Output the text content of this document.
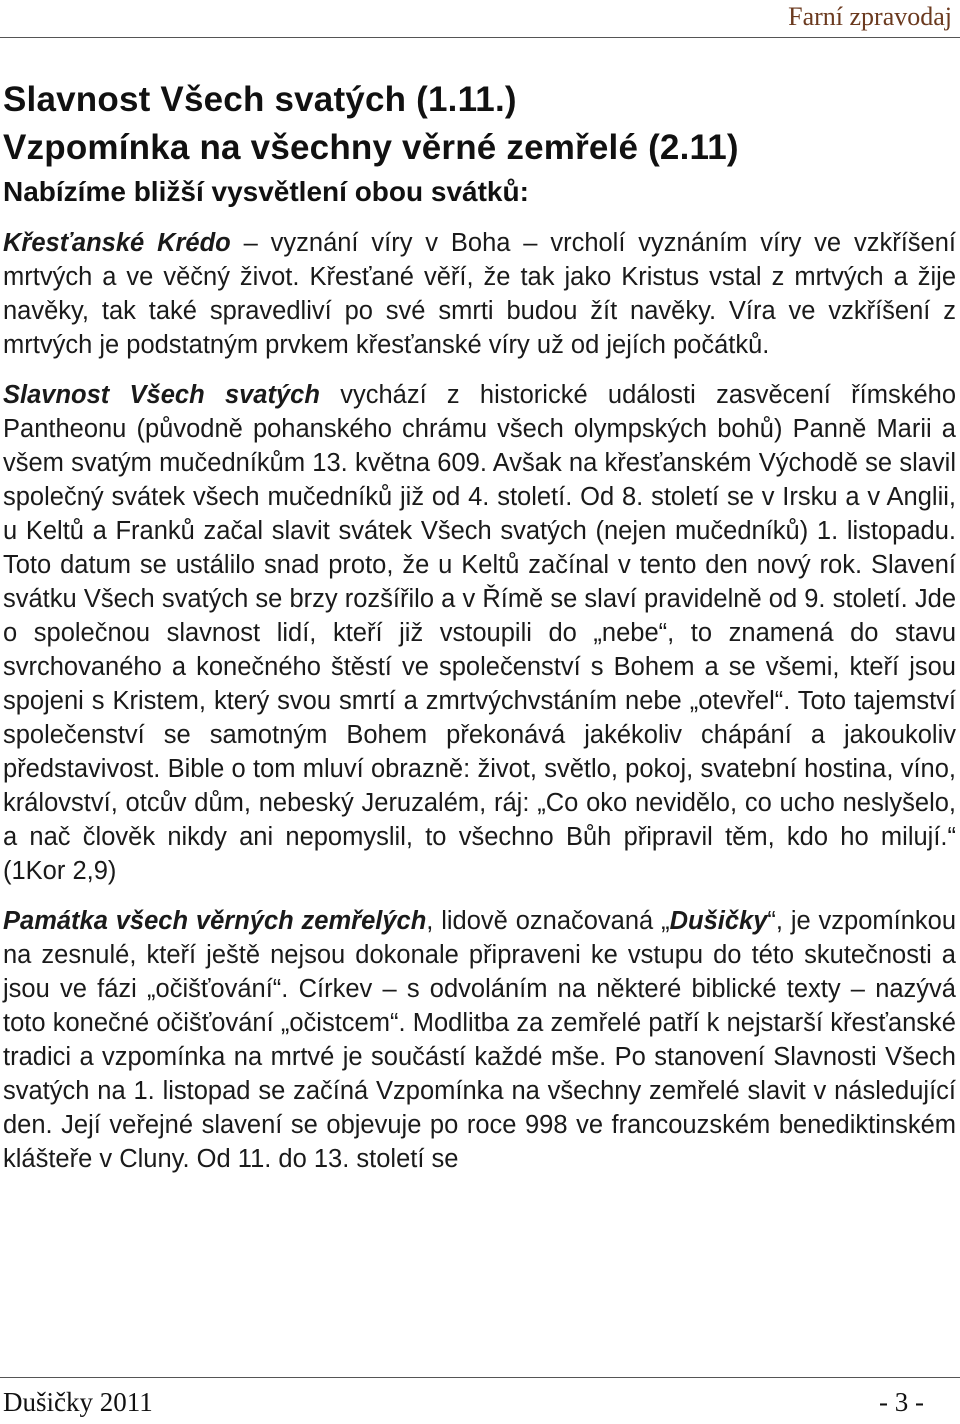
Farní zpravodaj
Slavnost Všech svatých (1.11.)
Vzpomínka na všechny věrné zemřelé (2.11)
Nabízíme bližší vysvětlení obou svátků:

Křesťanské Krédo – vyznání víry v Boha – vrcholí vyznáním víry ve vzkříšení mrtvých a ve věčný život. Křesťané věří, že tak jako Kristus vstal z mrtvých a žije navěky, tak také spravedliví po své smrti budou žít navěky. Víra ve vzkříšení z mrtvých je podstatným prvkem křesťanské víry už od jejích počátků.

Slavnost Všech svatých vychází z historické události zasvěcení římského Pantheonu (původně pohanského chrámu všech olympských bohů) Panně Marii a všem svatým mučedníkům 13. května 609. Avšak na křesťanském Východě se slavil společný svátek všech mučedníků již od 4. století. Od 8. století se v Irsku a v Anglii, u Keltů a Franků začal slavit svátek Všech svatých (nejen mučedníků) 1. listopadu. Toto datum se ustálilo snad proto, že u Keltů začínal v tento den nový rok. Slavení svátku Všech svatých se brzy rozšířilo a v Římě se slaví pravidelně od 9. století. Jde o společnou slavnost lidí, kteří již vstoupili do „nebe“, to znamená do stavu svrchovaného a konečného štěstí ve společenství s Bohem a se všemi, kteří jsou spojeni s Kristem, který svou smrtí a zmrtvýchvstáním nebe „otevřel“. Toto tajemství společenství se samotným Bohem překonává jakékoliv chápání a jakoukoliv představivost. Bible o tom mluví obrazně: život, světlo, pokoj, svatební hostina, víno, království, otcův dům, nebeský Jeruzalém, ráj: „Co oko nevidělo, co ucho neslyšelo, a nač člověk nikdy ani nepomyslil, to všechno Bůh připravil těm, kdo ho milují.“ (1Kor 2,9)

Památka všech věrných zemřelých, lidově označovaná „Dušičky“, je vzpomínkou na zesnulé, kteří ještě nejsou dokonale připraveni ke vstupu do této skutečnosti a jsou ve fázi „očišťování“. Církev – s odvoláním na některé biblické texty – nazývá toto konečné očišťování „očistcem“. Modlitba za zemřelé patří k nejstarší křesťanské tradici a vzpomínka na mrtvé je součástí každé mše. Po stanovení Slavnosti Všech svatých na 1. listopad se začíná Vzpomínka na všechny zemřelé slavit v následující den. Její veřejné slavení se objevuje po roce 998 ve francouzském benediktinském klášteře v Cluny. Od 11. do 13. století se

Dušičky 2011	- 3 -
